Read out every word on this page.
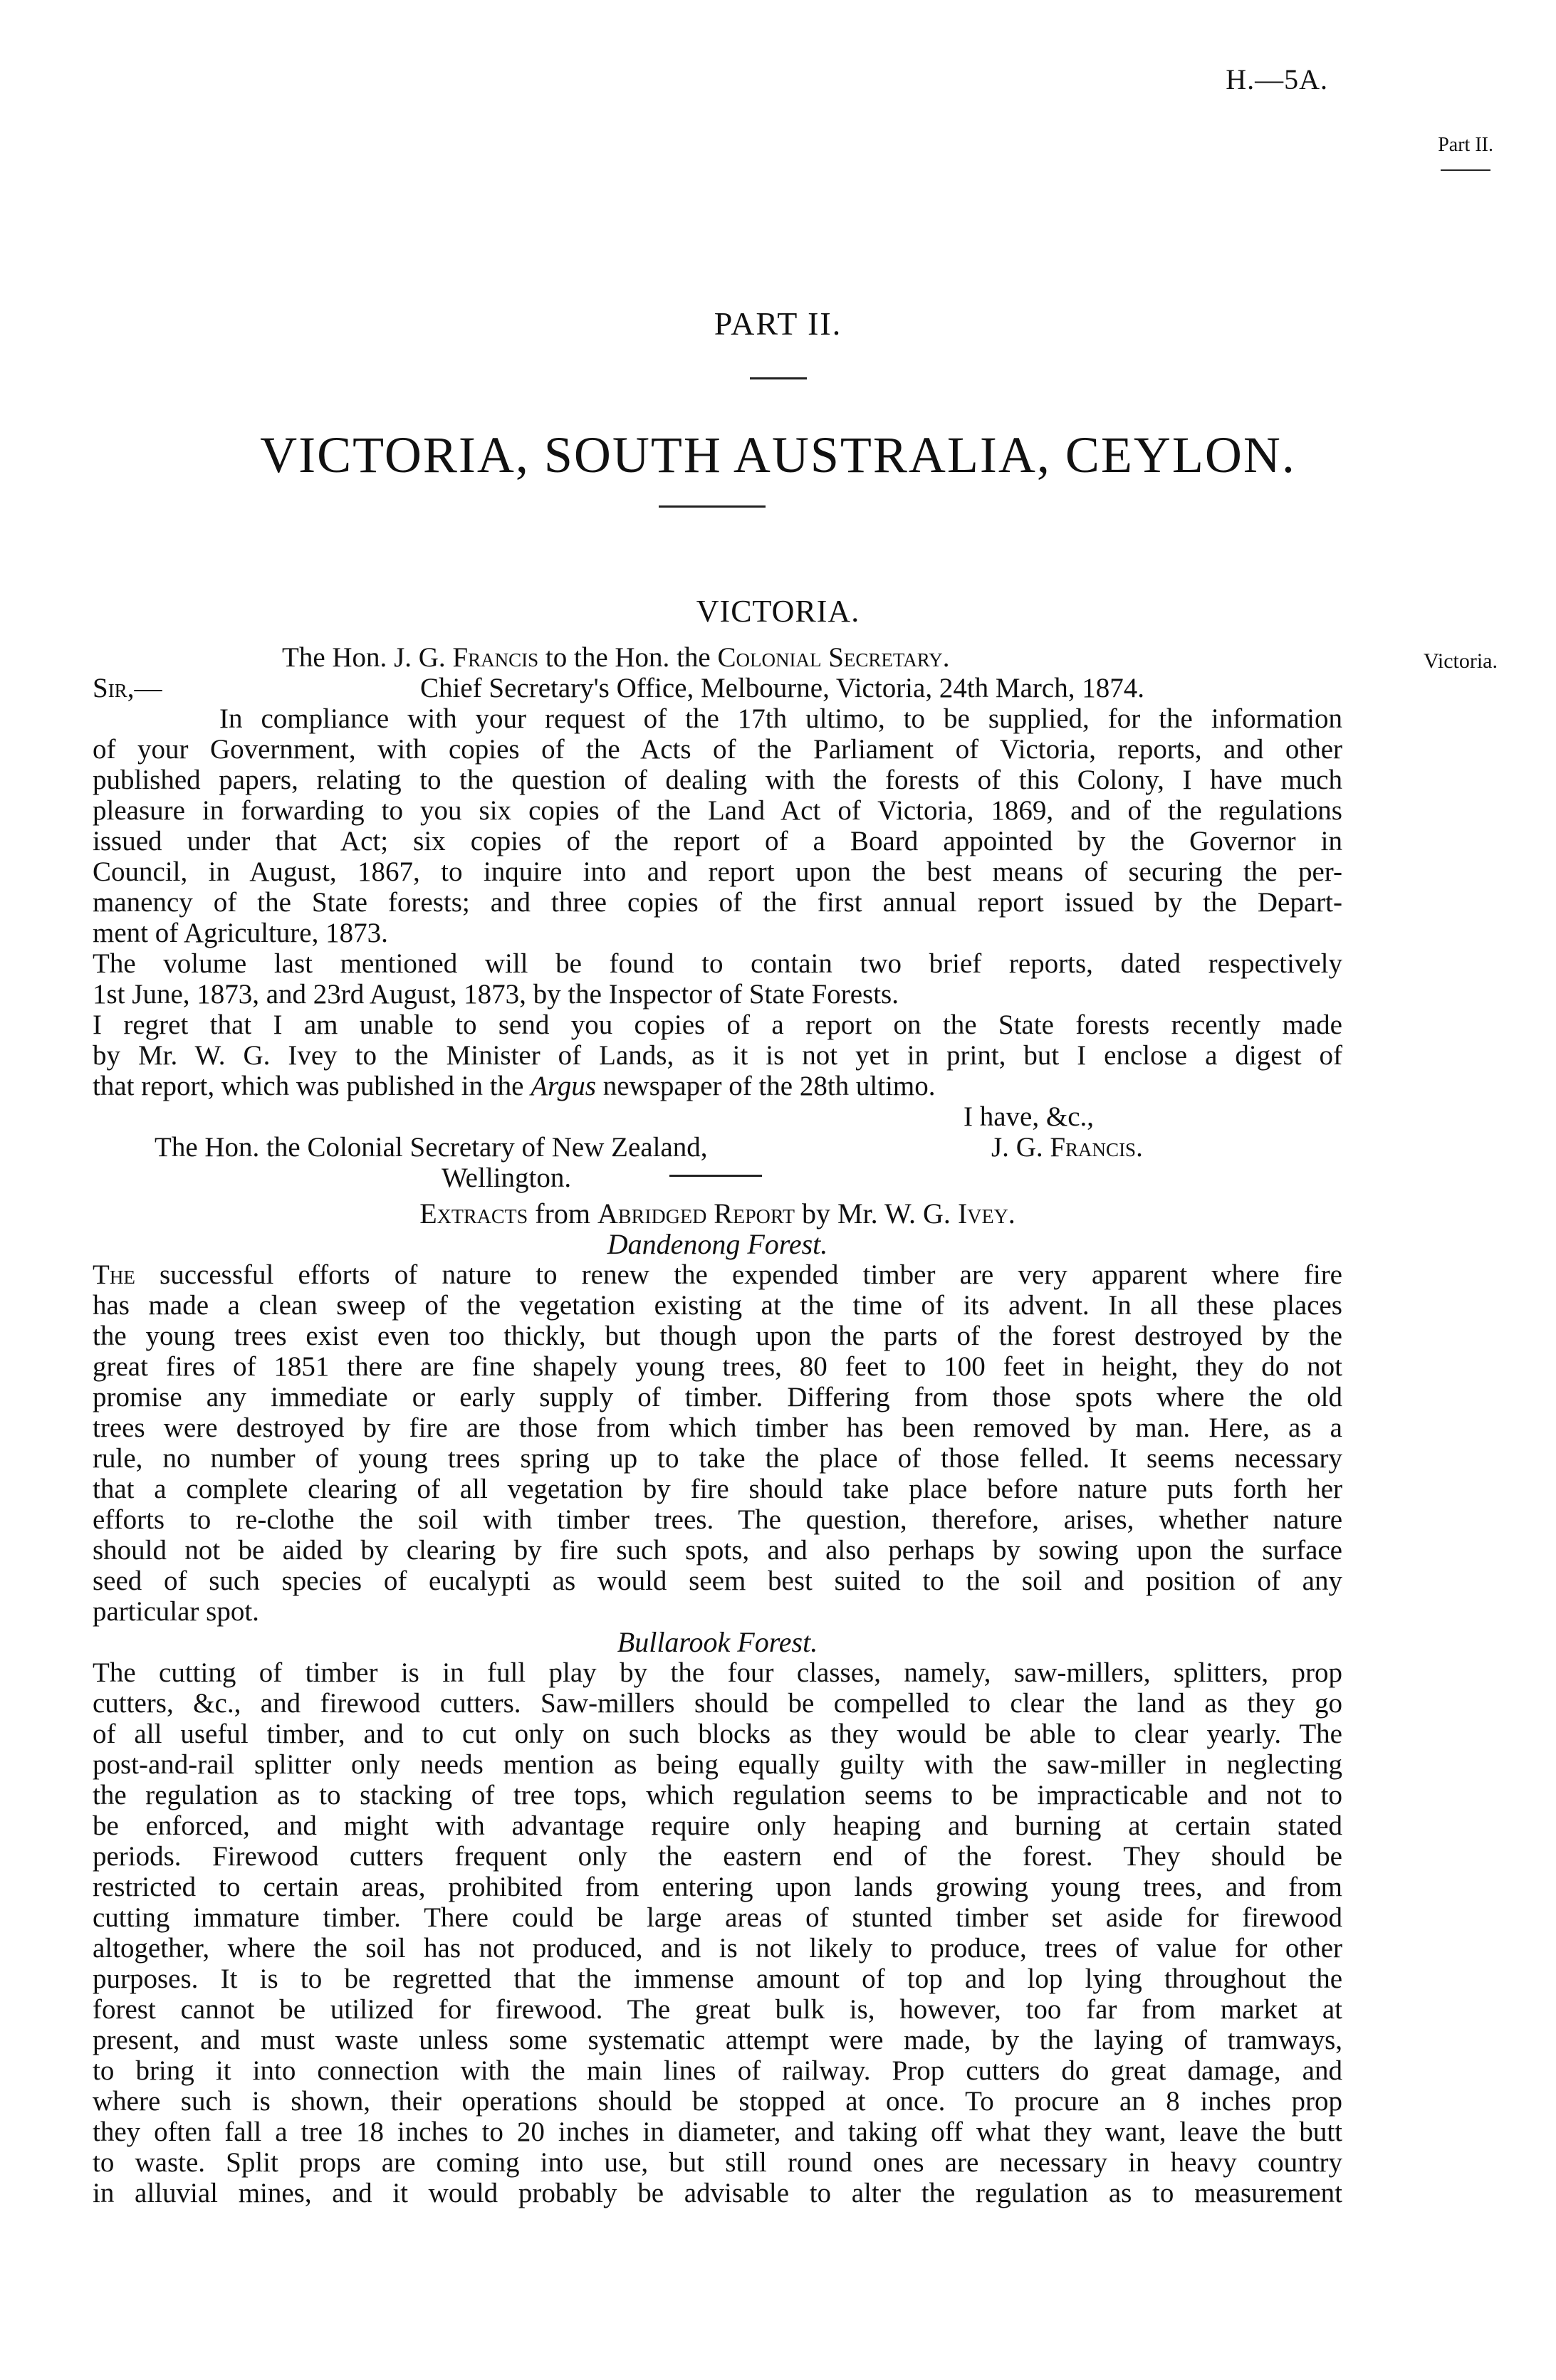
H.—5A.
Part II.
PART II.
VICTORIA, SOUTH AUSTRALIA, CEYLON.
VICTORIA.
Victoria.
The Hon. J. G. Francis to the Hon. the Colonial Secretary.
Sir,—	Chief Secretary's Office, Melbourne, Victoria, 24th March, 1874.
In compliance with your request of the 17th ultimo, to be supplied, for the information
of your Government, with copies of the Acts of the Parliament of Victoria, reports, and other
published papers, relating to the question of dealing with the forests of this Colony, I have much
pleasure in forwarding to you six copies of the Land Act of Victoria, 1869, and of the regulations
issued under that Act; six copies of the report of a Board appointed by the Governor in
Council, in August, 1867, to inquire into and report upon the best means of securing the per-
manency of the State forests; and three copies of the first annual report issued by the Depart-
ment of Agriculture, 1873.
The volume last mentioned will be found to contain two brief reports, dated respectively
1st June, 1873, and 23rd August, 1873, by the Inspector of State Forests.
I regret that I am unable to send you copies of a report on the State forests recently made
by Mr. W. G. Ivey to the Minister of Lands, as it is not yet in print, but I enclose a digest of
that report, which was published in the Argus newspaper of the 28th ultimo.
I have, &c.,
The Hon. the Colonial Secretary of New Zealand,	J. G. Francis.
Wellington.
Extracts from Abridged Report by Mr. W. G. Ivey.
Dandenong Forest.
The successful efforts of nature to renew the expended timber are very apparent where fire
has made a clean sweep of the vegetation existing at the time of its advent. In all these places
the young trees exist even too thickly, but though upon the parts of the forest destroyed by the
great fires of 1851 there are fine shapely young trees, 80 feet to 100 feet in height, they do not
promise any immediate or early supply of timber. Differing from those spots where the old
trees were destroyed by fire are those from which timber has been removed by man. Here, as a
rule, no number of young trees spring up to take the place of those felled. It seems necessary
that a complete clearing of all vegetation by fire should take place before nature puts forth her
efforts to re-clothe the soil with timber trees. The question, therefore, arises, whether nature
should not be aided by clearing by fire such spots, and also perhaps by sowing upon the surface
seed of such species of eucalypti as would seem best suited to the soil and position of any
particular spot.
Bullarook Forest.
The cutting of timber is in full play by the four classes, namely, saw-millers, splitters, prop
cutters, &c., and firewood cutters. Saw-millers should be compelled to clear the land as they go
of all useful timber, and to cut only on such blocks as they would be able to clear yearly. The
post-and-rail splitter only needs mention as being equally guilty with the saw-miller in neglecting
the regulation as to stacking of tree tops, which regulation seems to be impracticable and not to
be enforced, and might with advantage require only heaping and burning at certain stated
periods. Firewood cutters frequent only the eastern end of the forest. They should be
restricted to certain areas, prohibited from entering upon lands growing young trees, and from
cutting immature timber. There could be large areas of stunted timber set aside for firewood
altogether, where the soil has not produced, and is not likely to produce, trees of value for other
purposes. It is to be regretted that the immense amount of top and lop lying throughout the
forest cannot be utilized for firewood. The great bulk is, however, too far from market at
present, and must waste unless some systematic attempt were made, by the laying of tramways,
to bring it into connection with the main lines of railway. Prop cutters do great damage, and
where such is shown, their operations should be stopped at once. To procure an 8 inches prop
they often fall a tree 18 inches to 20 inches in diameter, and taking off what they want, leave the butt
to waste. Split props are coming into use, but still round ones are necessary in heavy country
in alluvial mines, and it would probably be advisable to alter the regulation as to measurement
